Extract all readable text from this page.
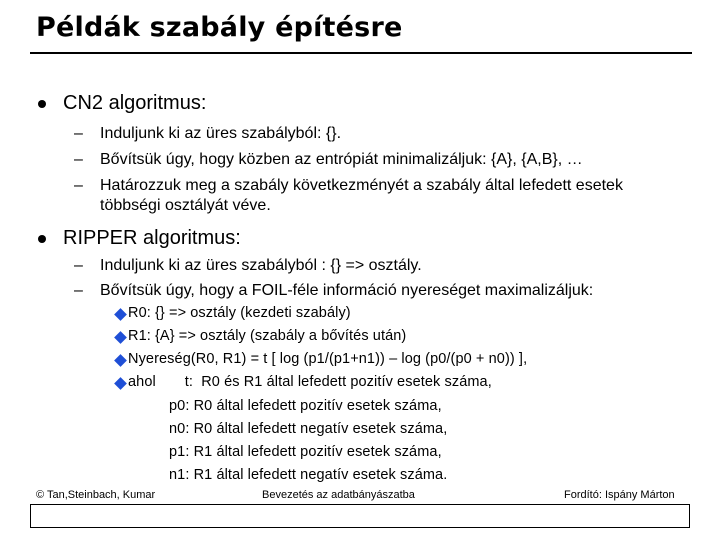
Példák szabály építésre
CN2 algoritmus:
– Induljunk ki az üres szabályból: {}.
– Bővítsük úgy, hogy közben az entrópiát minimalizáljuk: {A}, {A,B}, …
– Határozzuk meg a szabály következményét a szabály által lefedett esetek
többségi osztályát véve.
RIPPER algoritmus:
– Induljunk ki az üres szabályból : {} => osztály.
– Bővítsük úgy, hogy a FOIL-féle információ nyereséget maximalizáljuk:
R0: {} => osztály (kezdeti szabály)
R1: {A} => osztály (szabály a bővítés után)
Nyereség(R0, R1) = t [ log (p1/(p1+n1)) – log (p0/(p0 + n0)) ],
ahol       t:  R0 és R1 által lefedett pozitív esetek száma,
p0: R0 által lefedett pozitív esetek száma,
n0: R0 által lefedett negatív esetek száma,
p1: R1 által lefedett pozitív esetek száma,
n1: R1 által lefedett negatív esetek száma.
© Tan,Steinbach, Kumar	Bevezetés az adatbányászatba	Fordító: Ispány Márton
